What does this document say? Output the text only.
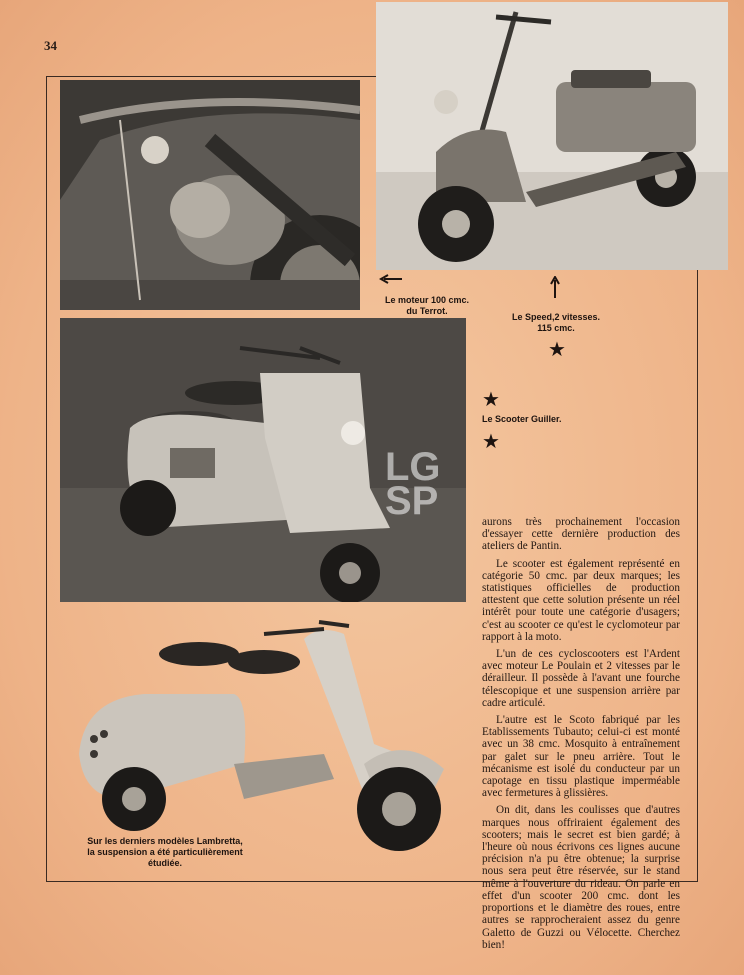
34
Le moteur 100 cmc.
du Terrot.
Le Speed,2 vitesses.
115 cmc.
★
★
Le Scooter Guiller.
★
LG
SP	aurons très prochainement l'occasion d'essayer cette dernière production des ateliers de Pantin.

Le scooter est également représenté en catégorie 50 cmc. par deux marques; les statistiques officielles de production attestent que cette solution présente un réel intérêt pour toute une catégorie d'usagers; c'est au scooter ce qu'est le cyclomoteur par rapport à la moto.

L'un de ces cycloscooters est l'Ardent avec moteur Le Poulain et 2 vitesses par le dérailleur. Il possède à l'avant une fourche télescopique et une suspension arrière par cadre articulé.

L'autre est le Scoto fabriqué par les Etablissements Tubauto; celui-ci est monté avec un 38 cmc. Mosquito à entraînement par galet sur le pneu arrière. Tout le mécanisme est isolé du conducteur par un capotage en tissu plastique imperméable avec fermetures à glissières.

On dit, dans les coulisses que d'autres marques nous offriraient également des scooters; mais le secret est bien gardé; à l'heure où nous écrivons ces lignes aucune précision n'a pu être obtenue; la surprise nous sera peut être réservée, sur le stand même à l'ouverture du rideau. On parle en effet d'un scooter 200 cmc. dont les proportions et le diamètre des roues, entre autres se rapprocheraient assez du genre Galetto de Guzzi ou Vélocette. Cherchez bien!

Sur les derniers modèles Lambretta,
la suspension a été particulièrement
étudiée.
